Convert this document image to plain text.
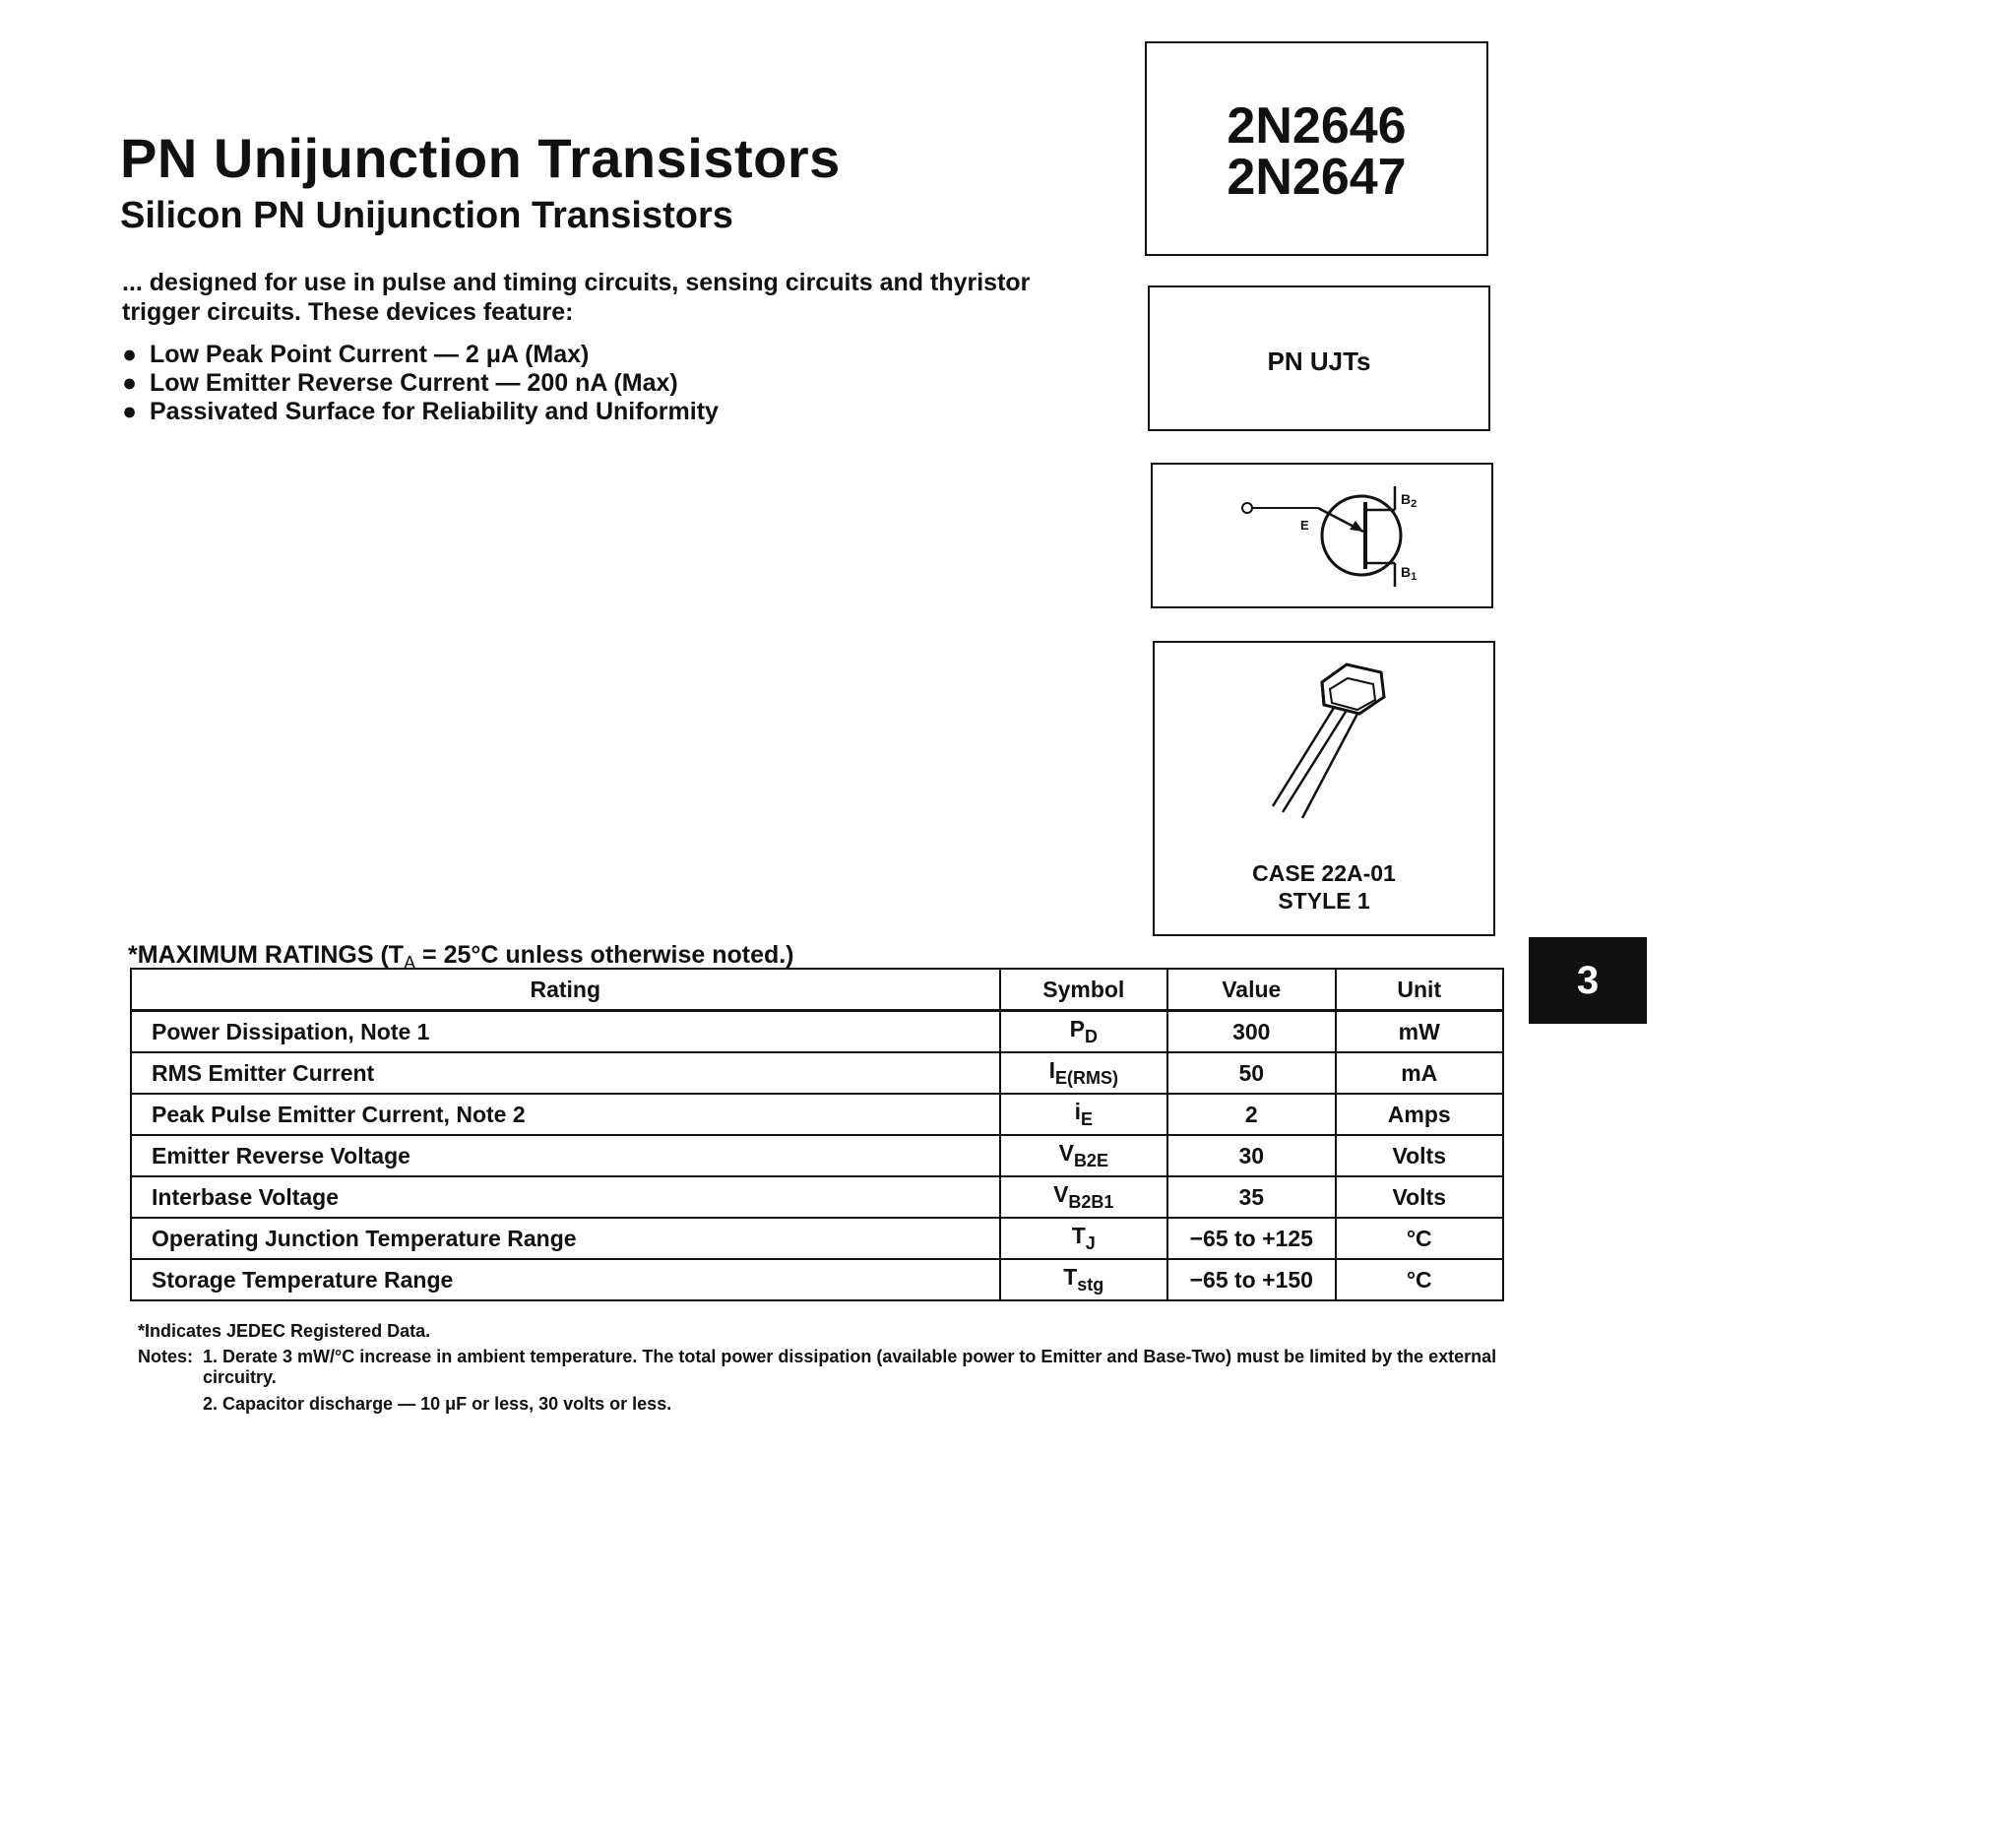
PN Unijunction Transistors
Silicon PN Unijunction Transistors

... designed for use in pulse and timing circuits, sensing circuits and thyristor trigger circuits. These devices feature:

● Low Peak Point Current — 2 μA (Max)
● Low Emitter Reverse Current — 200 nA (Max)
● Passivated Surface for Reliability and Uniformity
2N2646
2N2647
PN UJTs
E
$B_2$
$B_1$
CASE 22A-01
STYLE 1
3

*MAXIMUM RATINGS ($T_A = 25^\circ C$ unless otherwise noted.)

Rating	Symbol	Value	Unit
Power Dissipation, Note 1	$P_D$	300	mW
RMS Emitter Current	$I_{E(RMS)}$	50	mA
Peak Pulse Emitter Current, Note 2	$i_E$	2	Amps
Emitter Reverse Voltage	$V_{B2E}$	30	Volts
Interbase Voltage	$V_{B2B1}$	35	Volts
Operating Junction Temperature Range	$T_J$	−65 to +125	°C
Storage Temperature Range	$T_{stg}$	−65 to +150	°C

*Indicates JEDEC Registered Data.

Notes: 1. Derate 3 mW/°C increase in ambient temperature. The total power dissipation (available power to Emitter and Base-Two) must be limited by the external circuitry.
2. Capacitor discharge — 10 μF or less, 30 volts or less.
